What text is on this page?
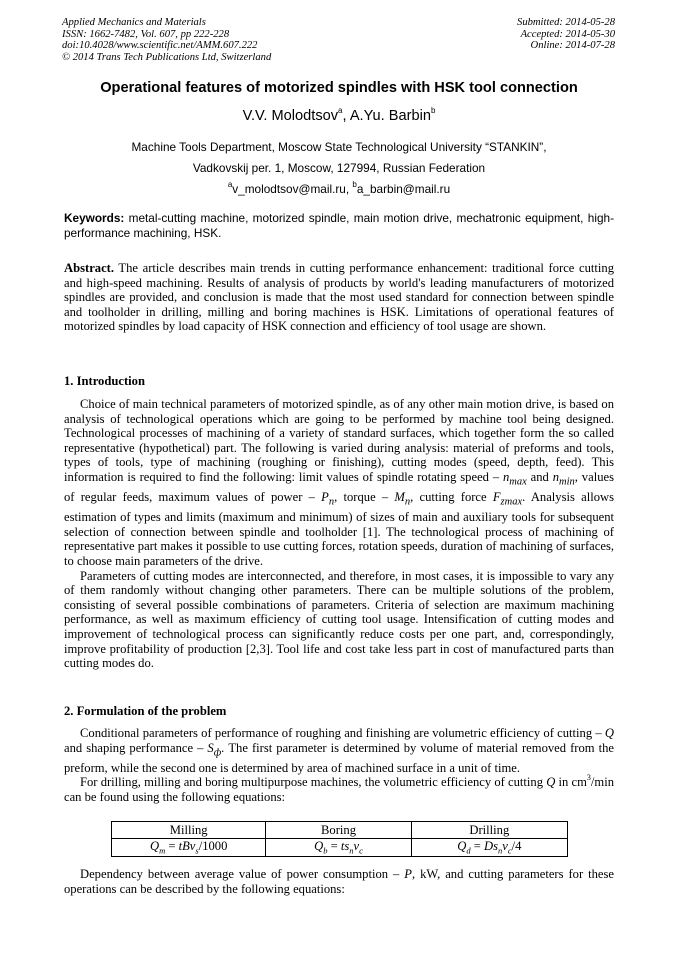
Applied Mechanics and Materials
ISSN: 1662-7482, Vol. 607, pp 222-228
doi:10.4028/www.scientific.net/AMM.607.222
© 2014 Trans Tech Publications Ltd, Switzerland
Submitted: 2014-05-28
Accepted: 2014-05-30
Online: 2014-07-28
Operational features of motorized spindles with HSK tool connection
V.V. Molodtsov$^a$, A.Yu. Barbin$^b$
Machine Tools Department, Moscow State Technological University “STANKIN”,
Vadkovskij per. 1, Moscow, 127994, Russian Federation
$^a$v_molodtsov@mail.ru, $^b$a_barbin@mail.ru
Keywords: metal-cutting machine, motorized spindle, main motion drive, mechatronic equipment, high-performance machining, HSK.
Abstract. The article describes main trends in cutting performance enhancement: traditional force cutting and high-speed machining. Results of analysis of products by world's leading manufacturers of motorized spindles are provided, and conclusion is made that the most used standard for connection between spindle and toolholder in drilling, milling and boring machines is HSK. Limitations of operational features of motorized spindles by load capacity of HSK connection and efficiency of tool usage are shown.
1. Introduction

Choice of main technical parameters of motorized spindle, as of any other main motion drive, is based on analysis of technological operations which are going to be performed by machine tool being designed. Technological processes of machining of a variety of standard surfaces, which together form the so called representative (hypothetical) part. The following is varied during analysis: material of preforms and tools, types of tools, type of machining (roughing or finishing), cutting modes (speed, depth, feed). This information is required to find the following: limit values of spindle rotating speed – $n_{max}$ and $n_{min}$, values of regular feeds, maximum values of power – $P_n$, torque – $M_n$, cutting force $F_{zmax}$. Analysis allows estimation of types and limits (maximum and minimum) of sizes of main and auxiliary tools for subsequent selection of connection between spindle and toolholder [1]. The technological process of machining of representative part makes it possible to use cutting forces, rotation speeds, duration of machining of surfaces, to choose main parameters of the drive.

Parameters of cutting modes are interconnected, and therefore, in most cases, it is impossible to vary any of them randomly without changing other parameters. There can be multiple solutions of the problem, consisting of several possible combinations of parameters. Criteria of selection are maximum machining performance, as well as maximum efficiency of cutting tool usage. Intensification of cutting modes and improvement of technological process can significantly reduce costs per one part, and, correspondingly, improve profitability of production [2,3]. Tool life and cost take less part in cost of manufactured parts than cutting modes do.

2. Formulation of the problem

Conditional parameters of performance of roughing and finishing are volumetric efficiency of cutting – Q and shaping performance – $S_ф$. The first parameter is determined by volume of material removed from the preform, while the second one is determined by area of machined surface in a unit of time.

For drilling, milling and boring multipurpose machines, the volumetric efficiency of cutting Q in $cm^3/\min$ can be found using the following equations:

Milling	Boring	Drilling
$Q_m = tBv_s/1000$	$Q_b = ts_nv_c$	$Q_d = Ds_nv_c/4$

Dependency between average value of power consumption – P, kW, and cutting parameters for these operations can be described by the following equations:
